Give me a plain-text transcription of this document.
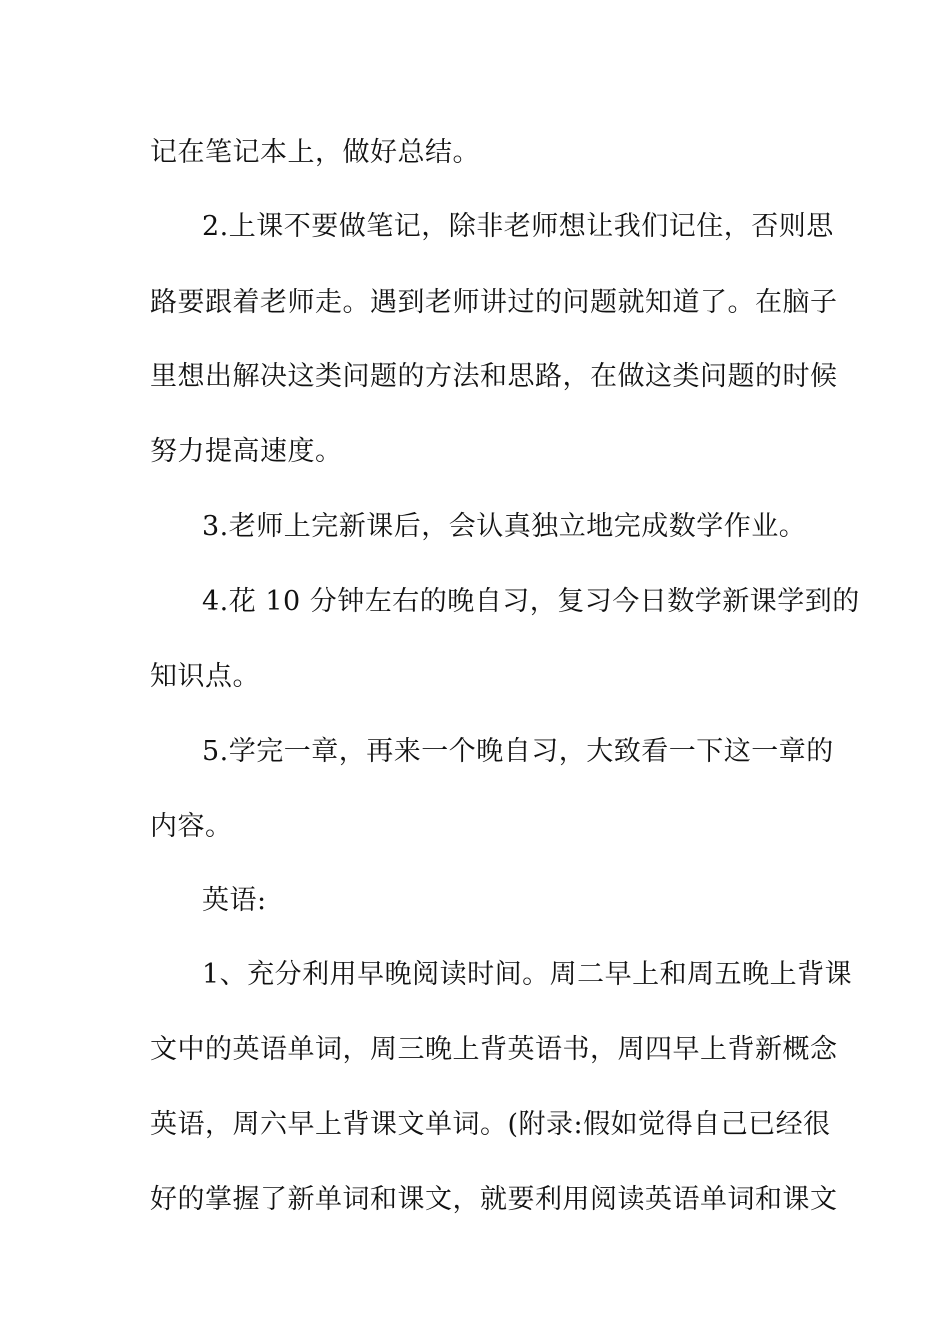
记在笔记本上，做好总结。
2.上课不要做笔记，除非老师想让我们记住，否则思
路要跟着老师走。遇到老师讲过的问题就知道了。在脑子
里想出解决这类问题的方法和思路，在做这类问题的时候
努力提高速度。
3.老师上完新课后，会认真独立地完成数学作业。
4.花 10 分钟左右的晚自习，复习今日数学新课学到的
知识点。
5.学完一章，再来一个晚自习，大致看一下这一章的
内容。
英语:
1、充分利用早晚阅读时间。周二早上和周五晚上背课
文中的英语单词，周三晚上背英语书，周四早上背新概念
英语，周六早上背课文单词。(附录:假如觉得自己已经很
好的掌握了新单词和课文，就要利用阅读英语单词和课文
